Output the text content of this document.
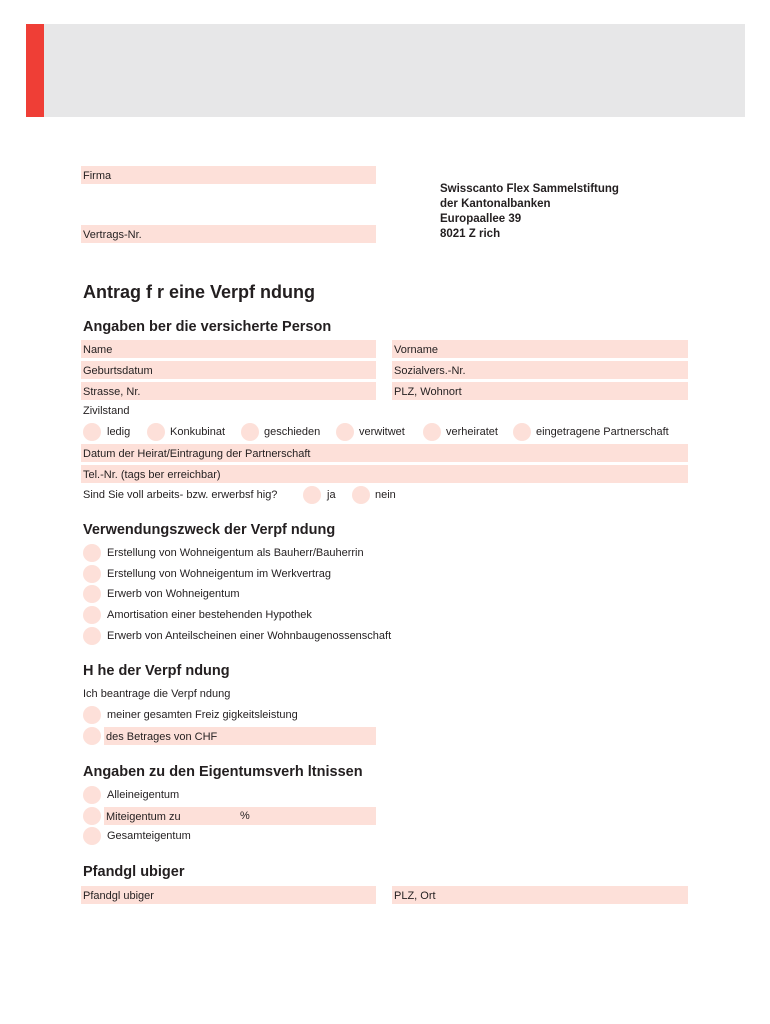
Firma
Vertrags-Nr.
Swisscanto Flex Sammelstiftung
der Kantonalbanken
Europaallee 39
8021 Z rich
Antrag f r eine Verpf ndung
Angaben ber die versicherte Person
Name	Vorname
Geburtsdatum	Sozialvers.-Nr.
Strasse, Nr.	PLZ, Wohnort
Zivilstand
ledig	Konkubinat	geschieden	verwitwet	verheiratet	eingetragene Partnerschaft
Datum der Heirat/Eintragung der Partnerschaft
Tel.-Nr. (tags ber erreichbar)
Sind Sie voll arbeits- bzw. erwerbsf hig?	ja	nein
Verwendungszweck der Verpf ndung
Erstellung von Wohneigentum als Bauherr/Bauherrin
Erstellung von Wohneigentum im Werkvertrag
Erwerb von Wohneigentum
Amortisation einer bestehenden Hypothek
Erwerb von Anteilscheinen einer Wohnbaugenossenschaft
H he der Verpf ndung
Ich beantrage die Verpf ndung
meiner gesamten Freiz gigkeitsleistung
des Betrages von CHF
Angaben zu den Eigentumsverh ltnissen
Alleineigentum
Miteigentum zu	%
Gesamteigentum
Pfandgl ubiger
Pfandgl ubiger	PLZ, Ort
